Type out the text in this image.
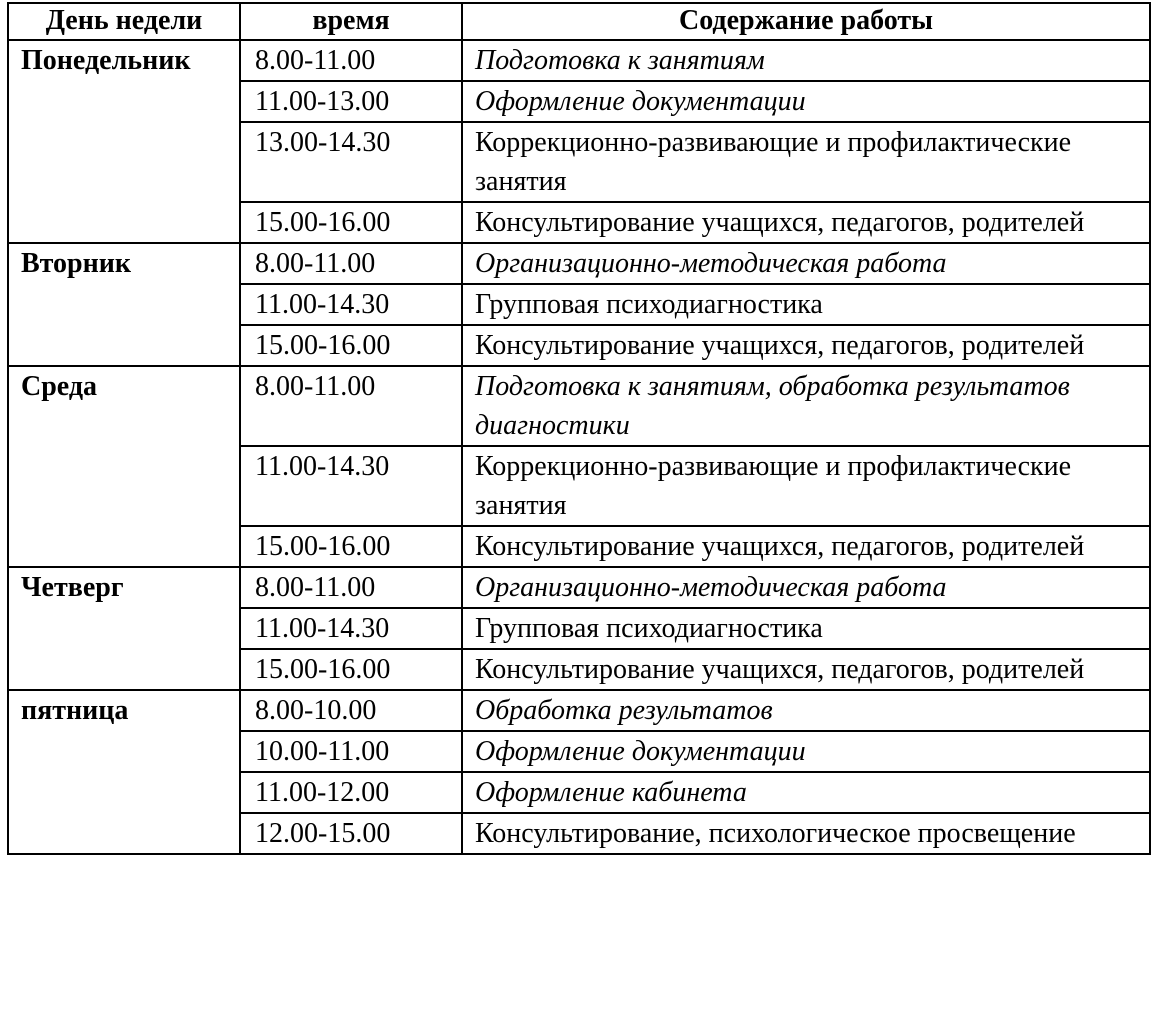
День недели	время	Содержание работы
Понедельник	8.00-11.00	Подготовка к занятиям
	11.00-13.00	Оформление документации
	13.00-14.30	Коррекционно-развивающие и профилактические занятия
	15.00-16.00	Консультирование учащихся, педагогов, родителей
Вторник	8.00-11.00	Организационно-методическая работа
	11.00-14.30	Групповая психодиагностика
	15.00-16.00	Консультирование учащихся, педагогов, родителей
Среда	8.00-11.00	Подготовка к занятиям, обработка результатов диагностики
	11.00-14.30	Коррекционно-развивающие и профилактические занятия
	15.00-16.00	Консультирование учащихся, педагогов, родителей
Четверг	8.00-11.00	Организационно-методическая работа
	11.00-14.30	Групповая психодиагностика
	15.00-16.00	Консультирование учащихся, педагогов, родителей
пятница	8.00-10.00	Обработка результатов
	10.00-11.00	Оформление документации
	11.00-12.00	Оформление кабинета
	12.00-15.00	Консультирование, психологическое просвещение
